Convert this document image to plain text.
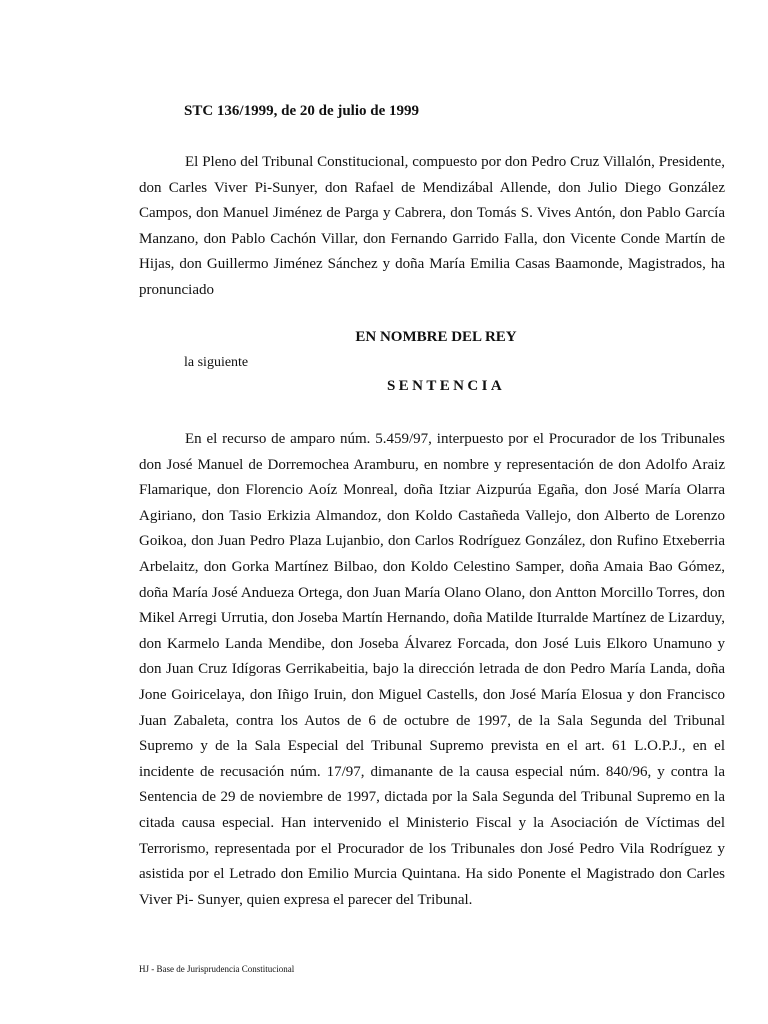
STC 136/1999, de 20 de julio de 1999

El Pleno del Tribunal Constitucional, compuesto por don Pedro Cruz Villalón, Presidente, don Carles Viver Pi-Sunyer, don Rafael de Mendizábal Allende, don Julio Diego González Campos, don Manuel Jiménez de Parga y Cabrera, don Tomás S. Vives Antón, don Pablo García Manzano, don Pablo Cachón Villar, don Fernando Garrido Falla, don Vicente Conde Martín de Hijas, don Guillermo Jiménez Sánchez y doña María Emilia Casas Baamonde, Magistrados, ha pronunciado

EN NOMBRE DEL REY
la siguiente
SENTENCIA

En el recurso de amparo núm. 5.459/97, interpuesto por el Procurador de los Tribunales don José Manuel de Dorremochea Aramburu, en nombre y representación de don Adolfo Araiz Flamarique, don Florencio Aoíz Monreal, doña Itziar Aizpurúa Egaña, don José María Olarra Agiriano, don Tasio Erkizia Almandoz, don Koldo Castañeda Vallejo, don Alberto de Lorenzo Goikoa, don Juan Pedro Plaza Lujanbio, don Carlos Rodríguez González, don Rufino Etxeberria Arbelaitz, don Gorka Martínez Bilbao, don Koldo Celestino Samper, doña Amaia Bao Gómez, doña María José Andueza Ortega, don Juan María Olano Olano, don Antton Morcillo Torres, don Mikel Arregi Urrutia, don Joseba Martín Hernando, doña Matilde Iturralde Martínez de Lizarduy, don Karmelo Landa Mendibe, don Joseba Álvarez Forcada, don José Luis Elkoro Unamuno y don Juan Cruz Idígoras Gerrikabeitia, bajo la dirección letrada de don Pedro María Landa, doña Jone Goiricelaya, don Iñigo Iruin, don Miguel Castells, don José María Elosua y don Francisco Juan Zabaleta, contra los Autos de 6 de octubre de 1997, de la Sala Segunda del Tribunal Supremo y de la Sala Especial del Tribunal Supremo prevista en el art. 61 L.O.P.J., en el incidente de recusación núm. 17/97, dimanante de la causa especial núm. 840/96, y contra la Sentencia de 29 de noviembre de 1997, dictada por la Sala Segunda del Tribunal Supremo en la citada causa especial. Han intervenido el Ministerio Fiscal y la Asociación de Víctimas del Terrorismo, representada por el Procurador de los Tribunales don José Pedro Vila Rodríguez y asistida por el Letrado don Emilio Murcia Quintana. Ha sido Ponente el Magistrado don Carles Viver Pi- Sunyer, quien expresa el parecer del Tribunal.

HJ - Base de Jurisprudencia Constitucional
